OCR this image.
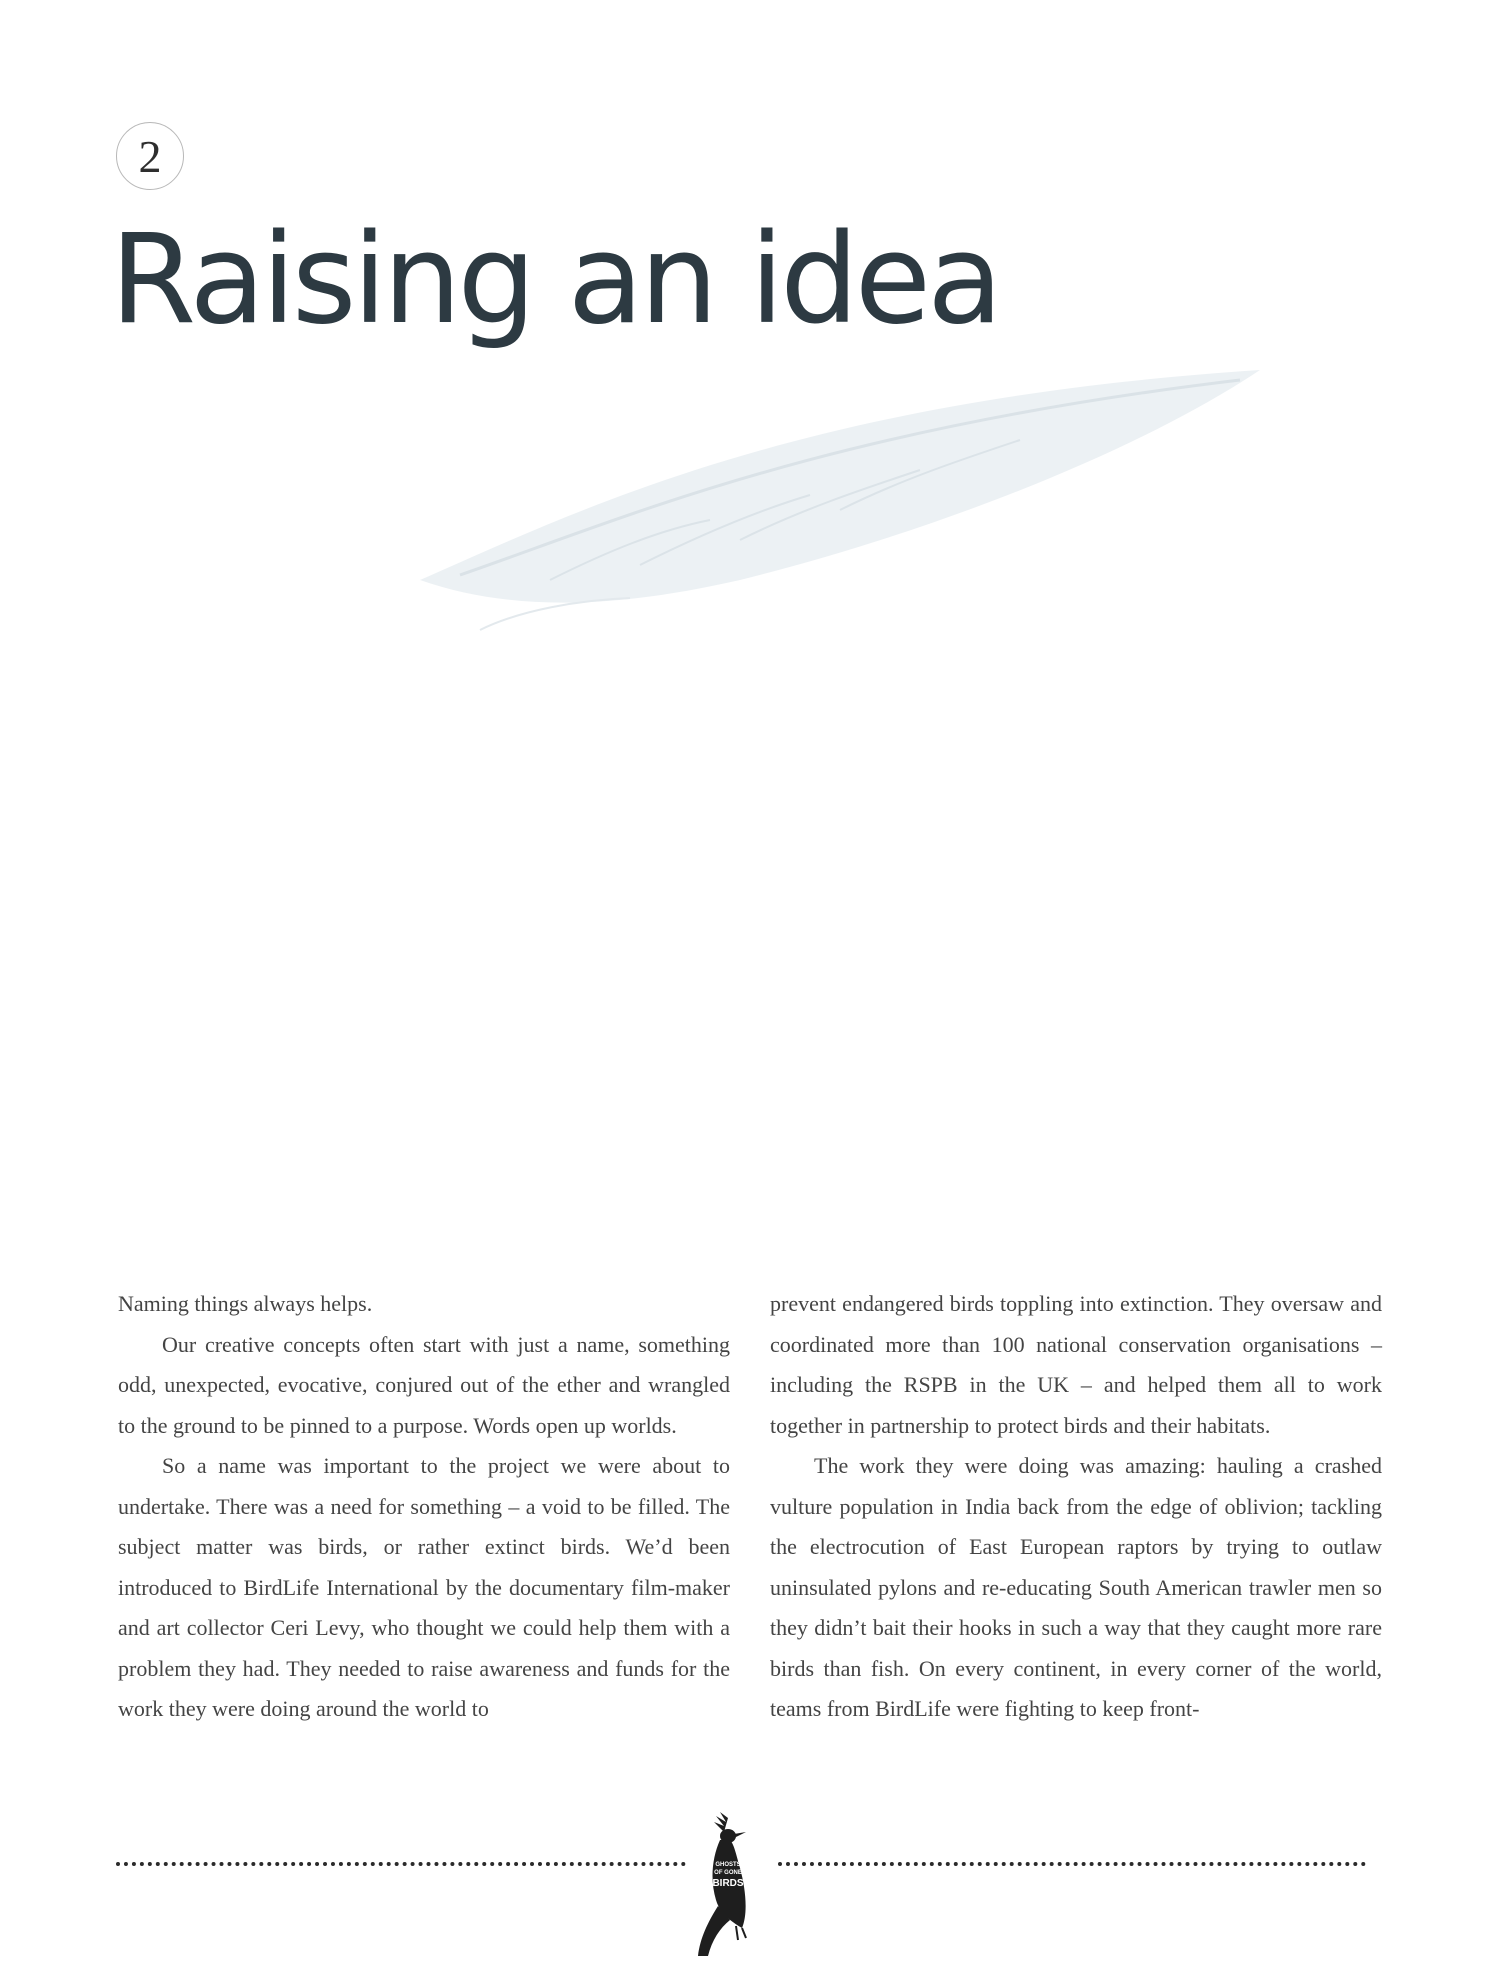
2
Raising an idea

Naming things always helps.

Our creative concepts often start with just a name, something odd, unexpected, evocative, conjured out of the ether and wrangled to the ground to be pinned to a purpose. Words open up worlds.

So a name was important to the project we were about to undertake. There was a need for something – a void to be filled. The subject matter was birds, or rather extinct birds. We’d been introduced to BirdLife International by the documentary film-maker and art collector Ceri Levy, who thought we could help them with a problem they had. They needed to raise awareness and funds for the work they were doing around the world to

prevent endangered birds toppling into extinction. They oversaw and coordinated more than 100 national conservation organisations – including the RSPB in the UK – and helped them all to work together in partnership to protect birds and their habitats.

The work they were doing was amazing: hauling a crashed vulture population in India back from the edge of oblivion; tackling the electrocution of East European raptors by trying to outlaw uninsulated pylons and re-educating South American trawler men so they didn’t bait their hooks in such a way that they caught more rare birds than fish. On every continent, in every corner of the world, teams from BirdLife were fighting to keep front-

GHOSTS
OF GONE
BIRDS
